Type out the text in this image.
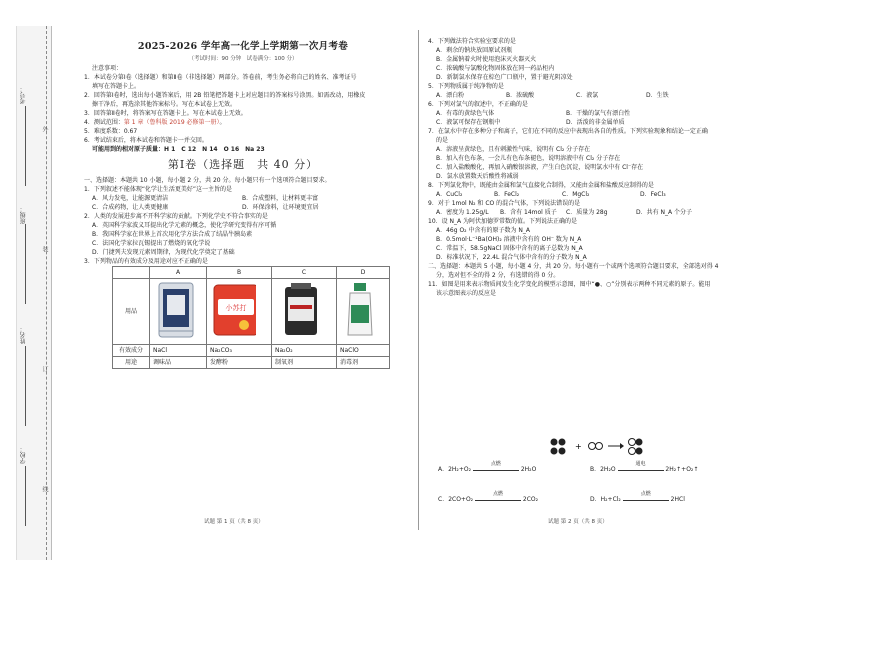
学校：
姓名：
班级：
考号：
外
装
订
线
2025-2026 学年高一化学上学期第一次月考卷
（考试时间：90 分钟　试卷满分：100 分）

注意事项：

1．本试卷分第Ⅰ卷（选择题）和第Ⅱ卷（非选择题）两部分。答卷前，考生务必将自己的姓名、准考证号

填写在答题卡上。

2．回答第Ⅰ卷时，选出每小题答案后，用 2B 铅笔把答题卡上对应题目的答案标号涂黑。如需改动，用橡皮

擦干净后，再选涂其他答案标号。写在本试卷上无效。

3．回答第Ⅱ卷时，将答案写在答题卡上。写在本试卷上无效。

4．测试范围：第 1 章（鲁科版 2019 必修第一册）。

5．难度系数：0.67

6．考试结束后，将本试卷和答题卡一并交回。

可能用到的相对原子质量：H 1　C 12　N 14　O 16　Na 23

第Ⅰ卷（选择题　共 40 分）

一、选择题：本题共 10 小题，每小题 2 分，共 20 分。每小题只有一个选项符合题目要求。

1．下列叙述不能体现“化学让生活更美好”这一主旨的是

A．风力发电，让能源更清洁	B．合成塑料，让材料更丰富
C．合成药物，让人类更健康	D．环保涂料，让环境更宜居

2．人类的发展进步离不开科学家的贡献。下列化学史不符合事实的是

A．英国科学家波义耳提出化学元素的概念，使化学研究变得有序可循

B．我国科学家在世界上首次用化学方法合成了结晶牛胰岛素

C．法国化学家拉瓦锡提出了燃烧的氧化学说

D．门捷列夫发现元素周期律，为现代化学奠定了基础

3．下列物品的有效成分及用途对应不正确的是

	A	B	C	D
用品		小苏打

有效成分	NaCl	Na₂CO₃	Na₂O₂	NaClO
用途	调味品	发酵粉	制氧剂	消毒剂
试题 第 1 页（共 8 页）

4．下列做法符合实验室要求的是

A．剩余的钠块放回原试剂瓶

B．金属钠着火时使用泡沫灭火器灭火

C．浓硫酸与氯酸化物固体放在同一药品柜内

D．新制氯水保存在棕色广口瓶中，置于避光阴凉处

5．下列物质属于纯净物的是

A．漂白粉	B．浓硫酸	C．液氯	D．生铁

6．下列对氯气的叙述中，不正确的是

A．有毒的黄绿色气体	B．干燥的氯气有漂白性
C．液氯可保存在钢瓶中	D．活泼的非金属单质

7．在氯水中存在多种分子和离子，它们在不同的反应中表现出各自的性质。下列实验现象和结论一定正确

的是

A．溶液呈黄绿色，且有刺激性气味，说明有 Cl₂ 分子存在

B．加入有色布条，一会儿有色布条褪色，说明溶液中有 Cl₂ 分子存在

C．加入盐酸酸化，再加入硝酸银溶液，产生白色沉淀，说明氯水中有 Cl⁻存在

D．氯水放置数天后酸性将减弱

8．下列氯化物中，既能由金属和氯气直接化合制得，又能由金属和盐酸反应制得的是

A．CuCl₂	B．FeCl₂	C．MgCl₂	D．FeCl₃

9．对于 1mol N₂ 和 CO 的混合气体，下列说法错误的是

A．密度为 1.25g/L	B．含有 14mol 质子	C．质量为 28g	D．共有 N_A 个分子

10．设 N_A 为阿伏加德罗常数的值。下列说法正确的是

A．46g O₂ 中含有的原子数为 N_A

B．0.5mol·L⁻¹Ba(OH)₂ 溶液中含有的 OH⁻ 数为 N_A

C．常温下，58.5gNaCl 固体中含有的离子总数为 N_A

D．标准状况下，22.4L 混合气体中含有的分子数为 N_A

二、选择题：本题共 5 小题，每小题 4 分，共 20 分。每小题有一个或两个选项符合题目要求，全部选对得 4

分，选对但不全的得 2 分，有选错的得 0 分。

11．如图是用来表示物质间发生化学变化的模型示意图，图中“●、○”分别表示两种不同元素的原子。能用

该示意图表示的反应是

+
A．2H₂+O₂
点燃
2H₂O	B．2H₂O
通电
2H₂↑+O₂↑
C．2CO+O₂
点燃
2CO₂	D．H₂+Cl₂
点燃
2HCl
试题 第 2 页（共 8 页）
